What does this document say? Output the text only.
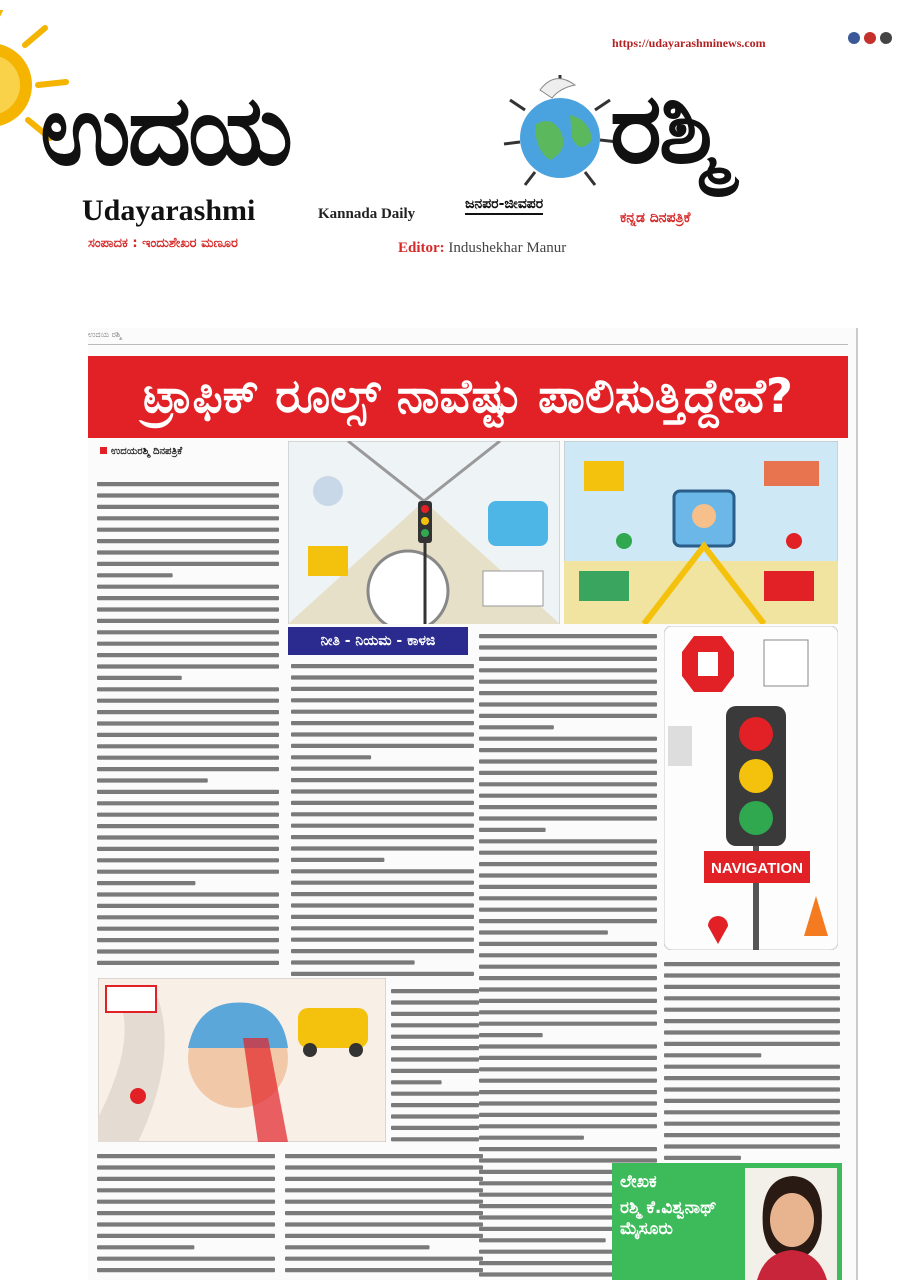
https://udayarashminews.com
ಉದಯ	ರಶ್ಮಿ
Udayarashmi	Kannada Daily
ಜನಪರ-ಜೀವಪರ
ಕನ್ನಡ ದಿನಪತ್ರಿಕೆ
ಸಂಪಾದಕ : ಇಂದುಶೇಖರ ಮಣೂರ	Editor: Indushekhar Manur
ಉದಯ ರಶ್ಮಿ
ಟ್ರಾಫಿಕ್ ರೂಲ್ಸ್ ನಾವೆಷ್ಟು ಪಾಲಿಸುತ್ತಿದ್ದೇವೆ?
ಉದಯರಶ್ಮಿ ದಿನಪತ್ರಿಕೆ
ನೀತಿ - ನಿಯಮ - ಕಾಳಜಿ
NAVIGATION
ಲೇಖಕ
ರಶ್ಮಿ ಕೆ.ವಿಶ್ವನಾಥ್ ಮೈಸೂರು
